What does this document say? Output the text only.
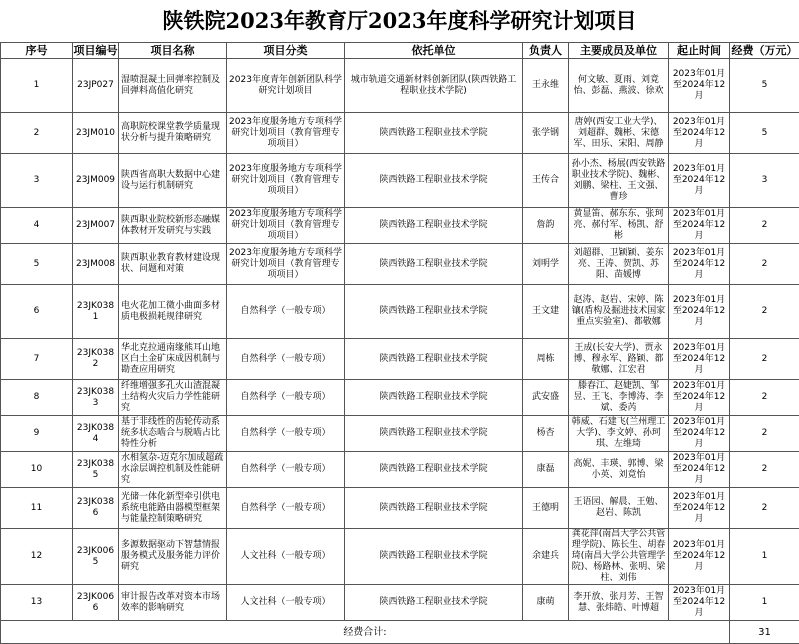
陕铁院2023年教育厅2023年度科学研究计划项目
序号	项目编号	项目名称	项目分类	依托单位	负责人	主要成员及单位	起止时间	经费（万元）
1	23JP027	湿喷混凝土回弹率控制及回弹料高值化研究	2023年度青年创新团队科学研究计划项目	城市轨道交通新材料创新团队(陕西铁路工程职业技术学院)	王永维	何文敏、夏雨、刘竟怡、彭磊、燕波、徐欢	2023年01月至2024年12月	5
2	23JM010	高职院校课堂教学质量现状分析与提升策略研究	2023年度服务地方专项科学研究计划项目（教育管理专项项目）	陕西铁路工程职业技术学院	张学钢	唐婷(西安工业大学)、刘超群、魏彬、宋德军、田乐、宋阳、周静	2023年01月至2024年12月	5
3	23JM009	陕西省高职大数据中心建设与运行机制研究	2023年度服务地方专项科学研究计划项目（教育管理专项项目）	陕西铁路工程职业技术学院	王传合	孙小杰、杨展(西安铁路职业技术学院)、魏彬、刘鹏、梁柱、王文强、曹珍	2023年01月至2024年12月	3
4	23JM007	陕西职业院校新形态融媒体教材开发研究与实践	2023年度服务地方专项科学研究计划项目（教育管理专项项目）	陕西铁路工程职业技术学院	詹韵	黄显笛、郝东东、张珂亮、郝付军、杨凯、舒彬	2023年01月至2024年12月	2
5	23JM008	陕西职业教育教材建设现状、问题和对策	2023年度服务地方专项科学研究计划项目（教育管理专项项目）	陕西铁路工程职业技术学院	刘明学	刘超群、卫颖颖、姜东亮、王涛、贺凯、苏阳、苗媛博	2023年01月至2024年12月	2
6	23JK0381	电火花加工微小曲面多材质电极损耗规律研究	自然科学（一般专项）	陕西铁路工程职业技术学院	王文建	赵涛、赵岩、宋婷、陈镶(盾构及掘进技术国家重点实验室)、都敬娜	2023年01月至2024年12月	2
7	23JK0382	华北克拉通南缘熊耳山地区白土金矿床成因机制与勘查应用研究	自然科学（一般专项）	陕西铁路工程职业技术学院	周栋	王成(长安大学)、贾永博、穆永军、路颖、都敬娜、江宏君	2023年01月至2024年12月	2
8	23JK0383	纤维增强多孔火山渣混凝土结构火灾后力学性能研究	自然科学（一般专项）	陕西铁路工程职业技术学院	武安盛	滕春江、赵婕凯、邹昱、王飞、李博涛、李斌、委芮	2023年01月至2024年12月	2
9	23JK0384	基于非线性的齿轮传动系统多状态啮合与脱啮占比特性分析	自然科学（一般专项）	陕西铁路工程职业技术学院	杨杏	韩威、石建飞(兰州理工大学)、李文婷、孙珂琪、左维琦	2023年01月至2024年12月	2
10	23JK0385	水相氢杂-迈克尔加成超疏水涂层调控机制及性能研究	自然科学（一般专项）	陕西铁路工程职业技术学院	康磊	高妮、丰瑛、郭博、梁小英、刘竟怡	2023年01月至2024年12月	2
11	23JK0386	光储一体化新型牵引供电系统电能路由器模型框架与能量控制策略研究	自然科学（一般专项）	陕西铁路工程职业技术学院	王德明	王语园、解晨、王勉、赵岩、陈凯	2023年01月至2024年12月	2
12	23JK0065	多源数据驱动下智慧情报服务模式及服务能力评价研究	人文社科（一般专项）	陕西铁路工程职业技术学院	余建兵	龚花萍(南昌大学公共管理学院)、陈长生、胡春琦(南昌大学公共管理学院)、杨路林、张明、梁柱、刘伟	2023年01月至2024年12月	1
13	23JK0066	审计报告改革对资本市场效率的影响研究	人文社科（一般专项）	陕西铁路工程职业技术学院	康萌	李开放、张月芳、王智慧、张炜皓、叶博超	2023年01月至2024年12月	1
经费合计:								31
